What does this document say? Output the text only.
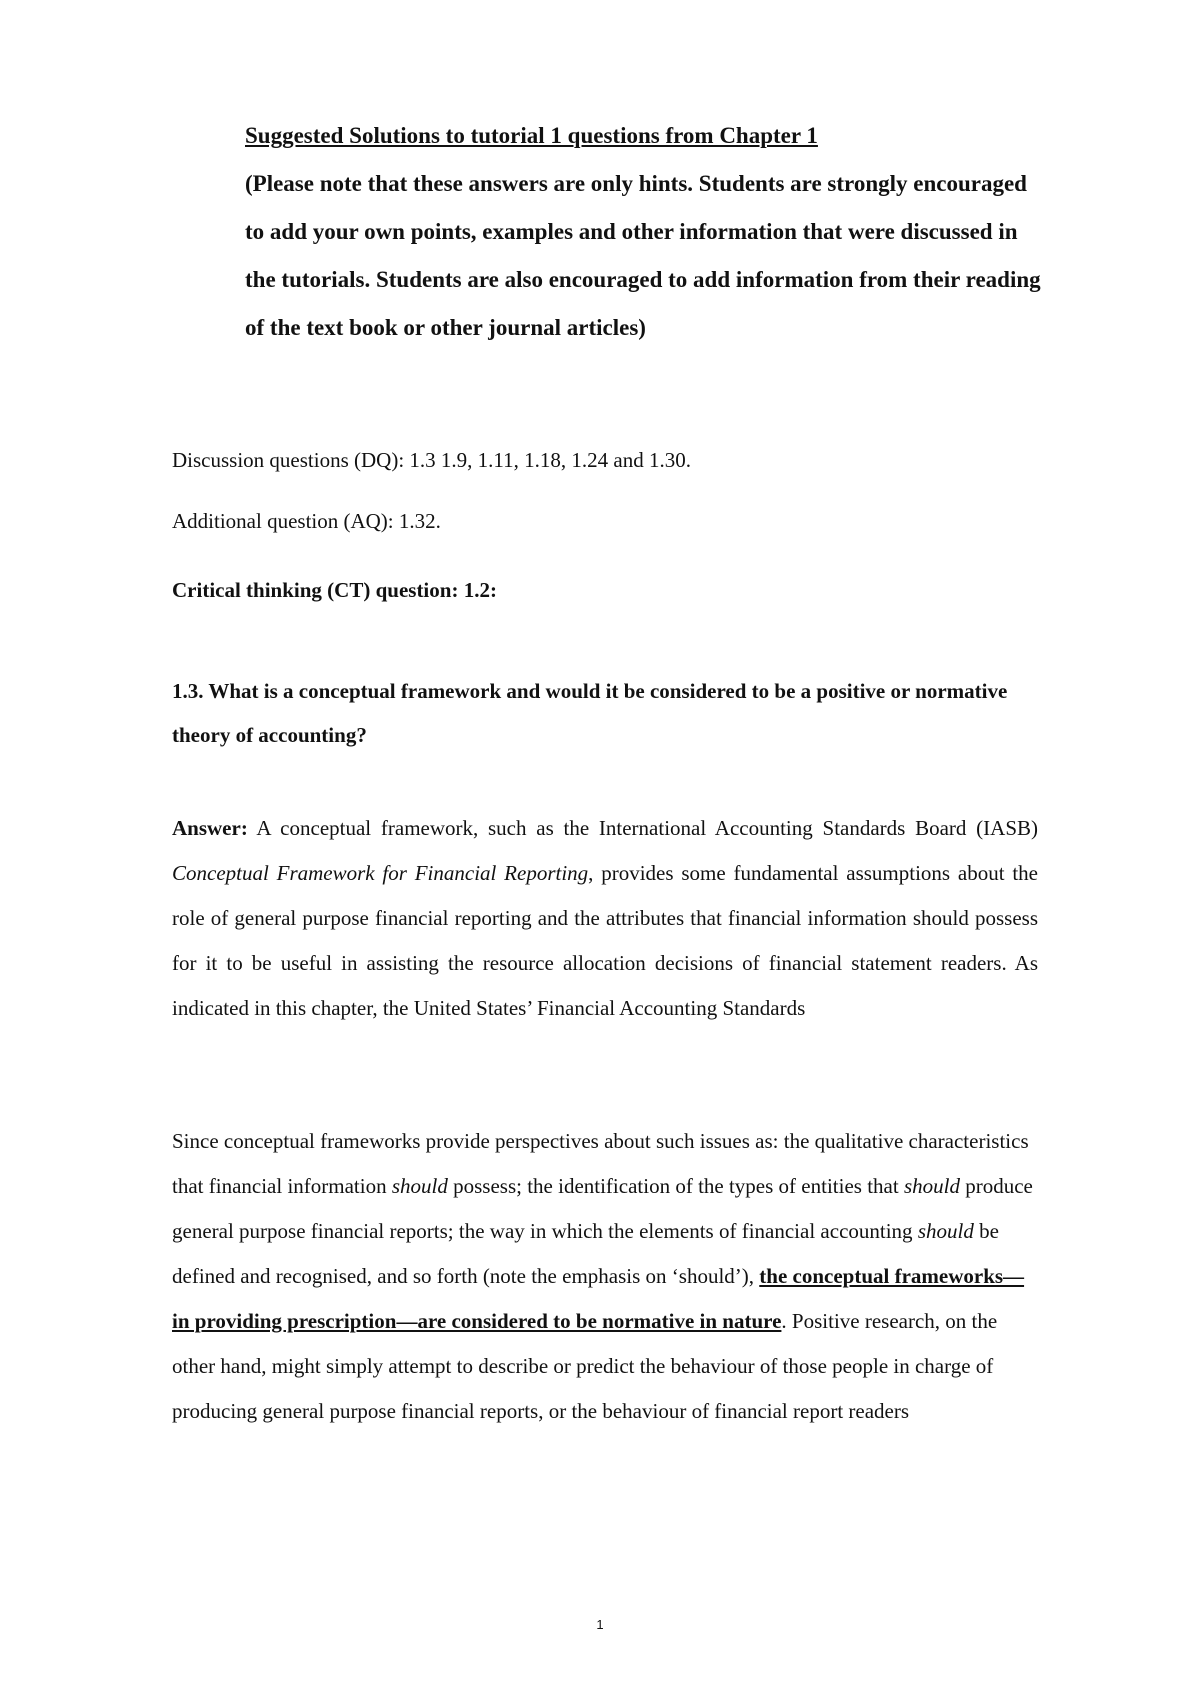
Suggested Solutions to tutorial 1 questions from Chapter 1
(Please note that these answers are only hints. Students are strongly encouraged to add your own points, examples and other information that were discussed in the tutorials. Students are also encouraged to add information from their reading of the text book or other journal articles)
Discussion questions (DQ): 1.3 1.9, 1.11, 1.18, 1.24 and 1.30.
Additional question (AQ): 1.32.
Critical thinking (CT) question: 1.2:
1.3. What is a conceptual framework and would it be considered to be a positive or normative theory of accounting?
Answer: A conceptual framework, such as the International Accounting Standards Board (IASB) Conceptual Framework for Financial Reporting, provides some fundamental assumptions about the role of general purpose financial reporting and the attributes that financial information should possess for it to be useful in assisting the resource allocation decisions of financial statement readers. As indicated in this chapter, the United States’ Financial Accounting Standards
Since conceptual frameworks provide perspectives about such issues as: the qualitative characteristics that financial information should possess; the identification of the types of entities that should produce general purpose financial reports; the way in which the elements of financial accounting should be defined and recognised, and so forth (note the emphasis on ‘should’), the conceptual frameworks—in providing prescription—are considered to be normative in nature. Positive research, on the other hand, might simply attempt to describe or predict the behaviour of those people in charge of producing general purpose financial reports, or the behaviour of financial report readers
1
